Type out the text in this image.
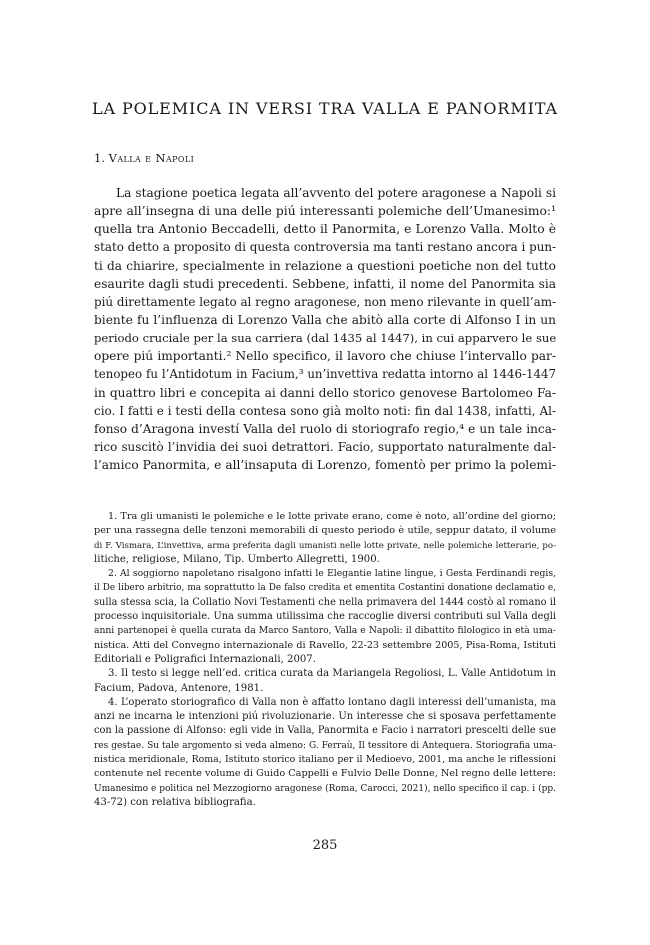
LA POLEMICA IN VERSI TRA VALLA E PANORMITA
1. Valla e Napoli
La stagione poetica legata all’avvento del potere aragonese a Napoli si
apre all’insegna di una delle piú interessanti polemiche dell’Umanesimo:¹
quella tra Antonio Beccadelli, detto il Panormita, e Lorenzo Valla. Molto è
stato detto a proposito di questa controversia ma tanti restano ancora i pun-
ti da chiarire, specialmente in relazione a questioni poetiche non del tutto
esaurite dagli studi precedenti. Sebbene, infatti, il nome del Panormita sia
piú direttamente legato al regno aragonese, non meno rilevante in quell’am-
biente fu l’influenza di Lorenzo Valla che abitò alla corte di Alfonso I in un
periodo cruciale per la sua carriera (dal 1435 al 1447), in cui apparvero le sue
opere piú importanti.² Nello specifico, il lavoro che chiuse l’intervallo par-
tenopeo fu l’Antidotum in Facium,³ un’invettiva redatta intorno al 1446-1447
in quattro libri e concepita ai danni dello storico genovese Bartolomeo Fa-
cio. I fatti e i testi della contesa sono già molto noti: fin dal 1438, infatti, Al-
fonso d’Aragona investí Valla del ruolo di storiografo regio,⁴ e un tale inca-
rico suscitò l’invidia dei suoi detrattori. Facio, supportato naturalmente dal-
l’amico Panormita, e all’insaputa di Lorenzo, fomentò per primo la polemi-
1. Tra gli umanisti le polemiche e le lotte private erano, come è noto, all’ordine del giorno;
per una rassegna delle tenzoni memorabili di questo periodo è utile, seppur datato, il volume
di F. Vismara, L’invettiva, arma preferita dagli umanisti nelle lotte private, nelle polemiche letterarie, po-
litiche, religiose, Milano, Tip. Umberto Allegretti, 1900.
2. Al soggiorno napoletano risalgono infatti le Elegantie latine lingue, i Gesta Ferdinandi regis,
il De libero arbitrio, ma soprattutto la De falso credita et ementita Costantini donatione declamatio e,
sulla stessa scia, la Collatio Novi Testamenti che nella primavera del 1444 costò al romano il
processo inquisitoriale. Una summa utilissima che raccoglie diversi contributi sul Valla degli
anni partenopei è quella curata da Marco Santoro, Valla e Napoli: il dibattito filologico in età uma-
nistica. Atti del Convegno internazionale di Ravello, 22-23 settembre 2005, Pisa-Roma, Istituti
Editoriali e Poligrafici Internazionali, 2007.
3. Il testo si legge nell’ed. critica curata da Mariangela Regoliosi, L. Valle Antidotum in
Facium, Padova, Antenore, 1981.
4. L’operato storiografico di Valla non è affatto lontano dagli interessi dell’umanista, ma
anzi ne incarna le intenzioni piú rivoluzionarie. Un interesse che si sposava perfettamente
con la passione di Alfonso: egli vide in Valla, Panormita e Facio i narratori prescelti delle sue
res gestae. Su tale argomento si veda almeno: G. Ferraù, Il tessitore di Antequera. Storiografia uma-
nistica meridionale, Roma, Istituto storico italiano per il Medioevo, 2001, ma anche le riflessioni
contenute nel recente volume di Guido Cappelli e Fulvio Delle Donne, Nel regno delle lettere:
Umanesimo e politica nel Mezzogiorno aragonese (Roma, Carocci, 2021), nello specifico il cap. i (pp.
43-72) con relativa bibliografia.
285
